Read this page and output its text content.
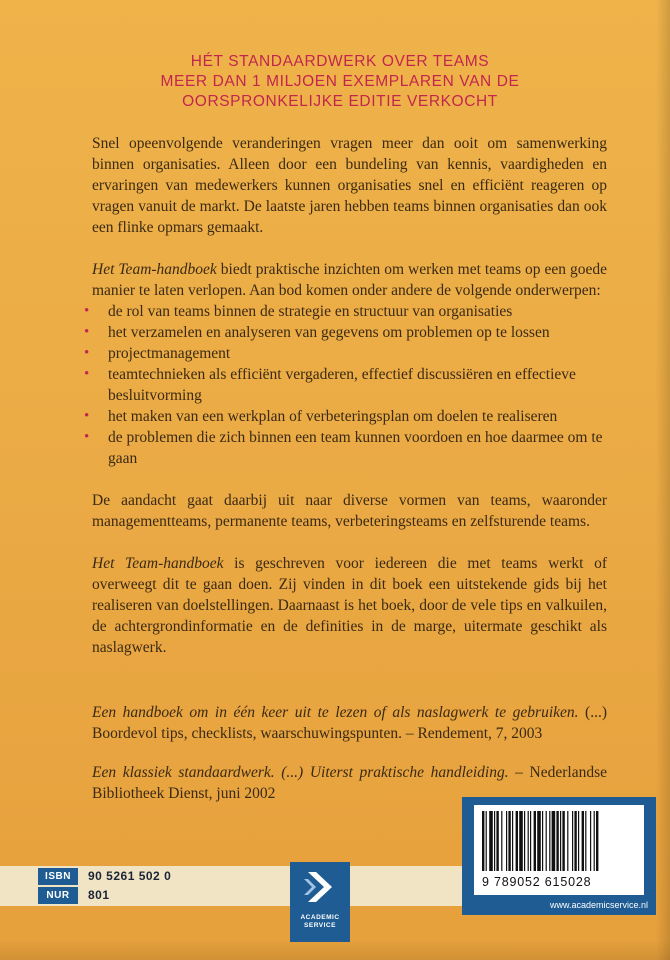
HÉT STANDAARDWERK OVER TEAMS
MEER DAN 1 MILJOEN EXEMPLAREN VAN DE
OORSPRONKELIJKE EDITIE VERKOCHT

Snel opeenvolgende veranderingen vragen meer dan ooit om samenwerking binnen organisaties. Alleen door een bundeling van kennis, vaardigheden en ervaringen van medewerkers kunnen organisaties snel en efficiënt reageren op vragen vanuit de markt. De laatste jaren hebben teams binnen organisaties dan ook een flinke opmars gemaakt.

Het Team-handboek biedt praktische inzichten om werken met teams op een goede manier te laten verlopen. Aan bod komen onder andere de volgende onderwerpen:

• de rol van teams binnen de strategie en structuur van organisaties
• het verzamelen en analyseren van gegevens om problemen op te lossen
• projectmanagement
• teamtechnieken als efficiënt vergaderen, effectief discussiëren en effectieve besluitvorming
• het maken van een werkplan of verbeteringsplan om doelen te realiseren
• de problemen die zich binnen een team kunnen voordoen en hoe daarmee om te gaan

De aandacht gaat daarbij uit naar diverse vormen van teams, waaronder managementteams, permanente teams, verbeteringsteams en zelfsturende teams.

Het Team-handboek is geschreven voor iedereen die met teams werkt of overweegt dit te gaan doen. Zij vinden in dit boek een uitstekende gids bij het realiseren van doelstellingen. Daarnaast is het boek, door de vele tips en valkuilen, de achtergrondinformatie en de definities in de marge, uitermate geschikt als naslagwerk.

Een handboek om in één keer uit te lezen of als naslagwerk te gebruiken. (...) Boordevol tips, checklists, waarschuwingspunten. – Rendement, 7, 2003

Een klassiek standaardwerk. (...) Uiterst praktische handleiding. – Nederlandse Bibliotheek Dienst, juni 2002

ISBN	90 5261 502 0
NUR	801
ACADEMIC
SERVICE
9 789052 615028
www.academicservice.nl
